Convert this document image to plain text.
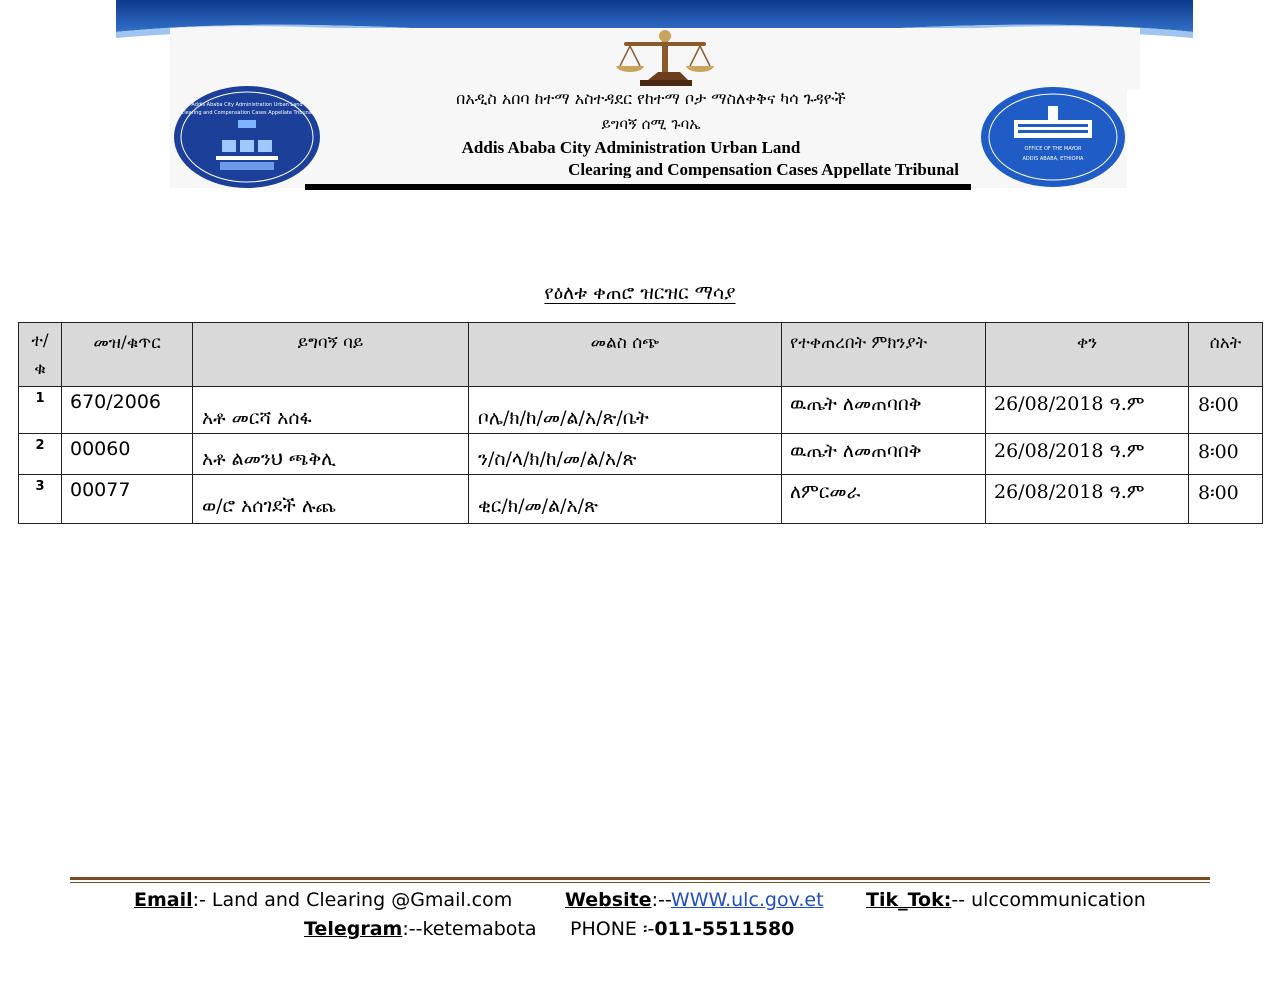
Addis Ababa City Administration Urban Land
Clearing and Compensation Cases Appellate Tribunal
OFFICE OF THE MAYOR
ADDIS ABABA, ETHIOPIA
በአዲስ አበባ ከተማ አስተዳደር የከተማ ቦታ ማስለቀቅና ካሳ ጉዳዮች
ይግባኝ ሰሚ ጉባኤ
Addis Ababa City Administration Urban Land
Clearing and Compensation Cases Appellate Tribunal
የዕለቱ ቀጠሮ ዝርዝር ማሳያ
ተ/
ቁ	መዝ/ቁጥር	ይግባኝ ባይ	መልስ ሰጭ	የተቀጠረበት ምክንያት	ቀን	ሰአት
1	670/2006	አቶ መርሻ አሰፋ	ቦሌ/ክ/ከ/መ/ል/አ/ጽ/ቤት	ዉጤት ለመጠባበቅ	26/08/2018 ዓ.ም	8፡00
2	00060	አቶ ልመንህ ጫቅሊ	ን/ስ/ላ/ክ/ከ/መ/ል/አ/ጽ	ዉጤት ለመጠባበቅ	26/08/2018 ዓ.ም	8፡00
3	00077	ወ/ሮ አሰገደች ሉጨ	ቂር/ክ/መ/ል/አ/ጽ	ለምርመራ	26/08/2018 ዓ.ም	8፡00
Email:- Land and Clearing @Gmail.com	Website:--WWW.ulc.gov.et Tik_Tok:-- ulccommunication
Telegram:--ketemabota PHONE ፡-011-5511580
